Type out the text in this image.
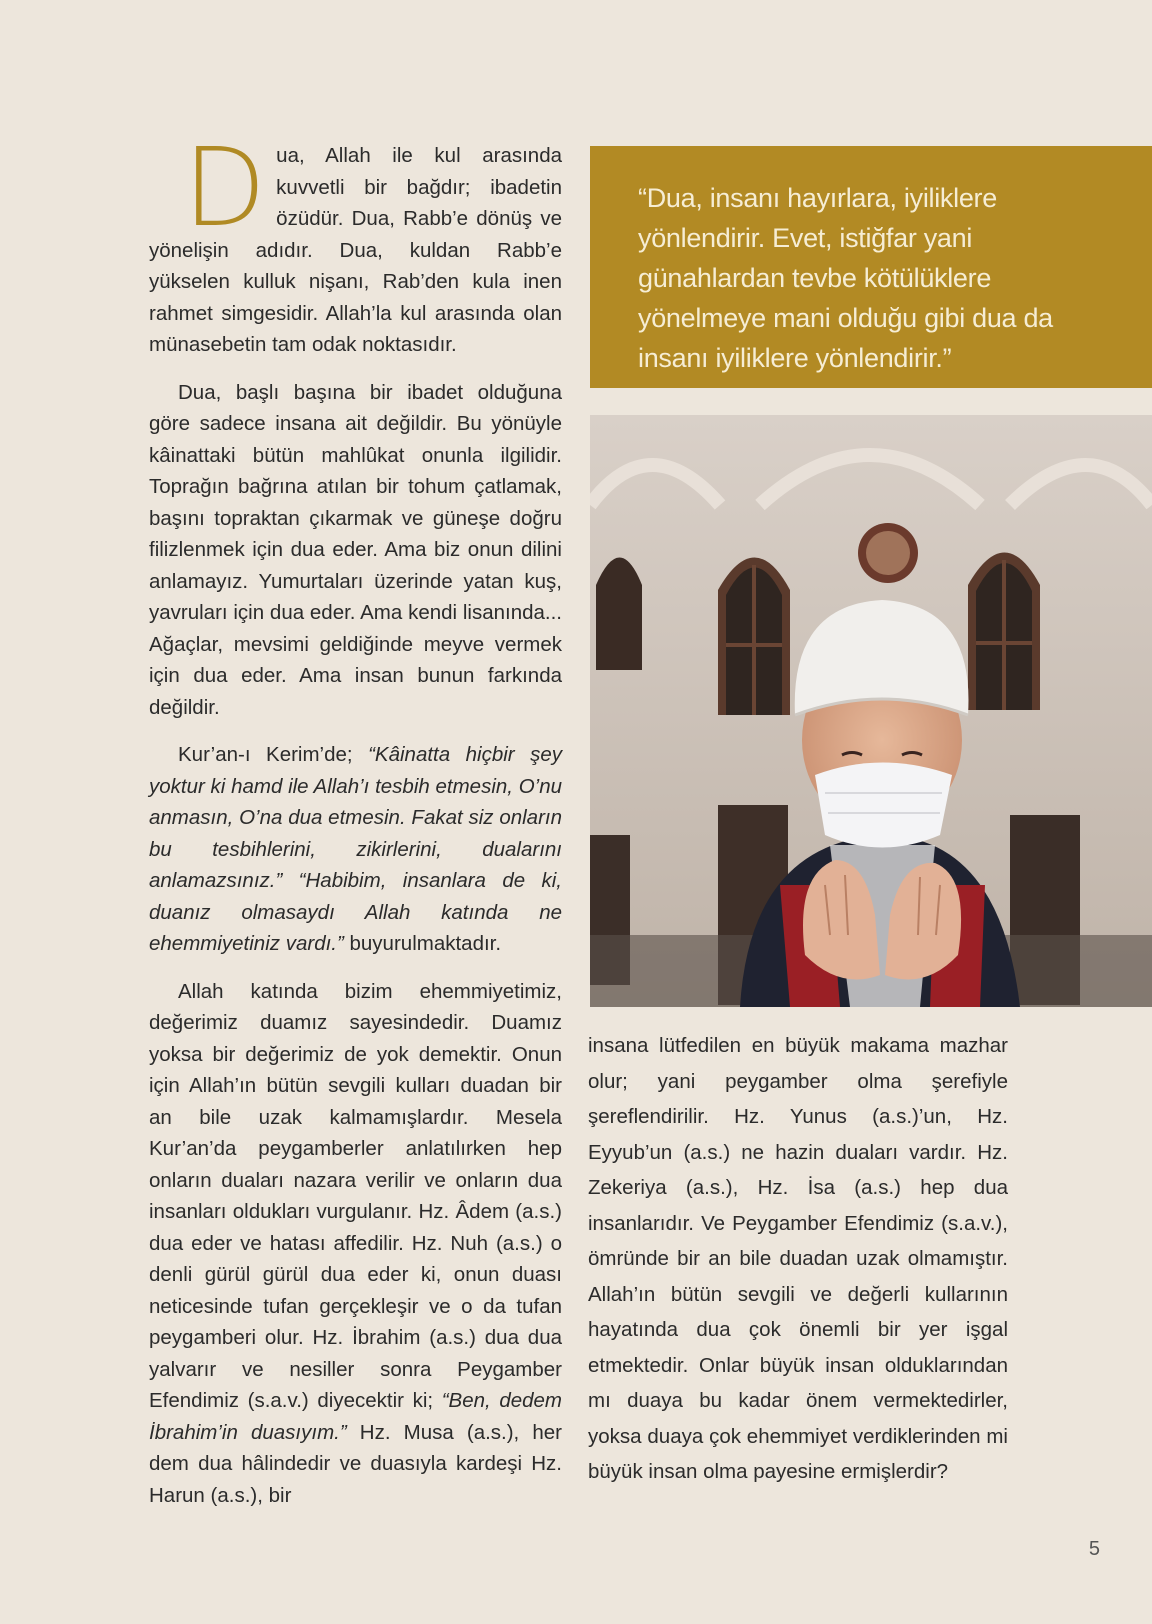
Dua, Allah ile kul arasında kuvvetli bir bağdır; ibadetin özüdür. Dua, Rabb’e dönüş ve yönelişin adıdır. Dua, kuldan Rabb’e yükselen kulluk nişanı, Rab’den kula inen rahmet simgesidir. Allah’la kul arasında olan münasebetin tam odak noktasıdır.

Dua, başlı başına bir ibadet olduğuna göre sadece insana ait değildir. Bu yönüyle kâinattaki bütün mahlûkat onunla ilgilidir. Toprağın bağrına atılan bir tohum çatlamak, başını topraktan çıkarmak ve güneşe doğru filizlenmek için dua eder. Ama biz onun dilini anlamayız. Yumurtaları üzerinde yatan kuş, yavruları için dua eder. Ama kendi lisanında... Ağaçlar, mevsimi geldiğinde meyve vermek için dua eder. Ama insan bunun farkında değildir.

Kur’an-ı Kerim’de; “Kâinatta hiçbir şey yoktur ki hamd ile Allah’ı tesbih etmesin, O’nu anmasın, O’na dua etmesin. Fakat siz onların bu tesbihlerini, zikirlerini, dualarını anlamazsınız.” “Habibim, insanlara de ki, duanız olmasaydı Allah katında ne ehemmiyetiniz vardı.” buyurulmaktadır.

Allah katında bizim ehemmiyetimiz, değerimiz duamız sayesindedir. Duamız yoksa bir değerimiz de yok demektir. Onun için Allah’ın bütün sevgili kulları duadan bir an bile uzak kalmamışlardır. Mesela Kur’an’da peygamberler anlatılırken hep onların duaları nazara verilir ve onların dua insanları oldukları vurgulanır. Hz. Âdem (a.s.) dua eder ve hatası affedilir. Hz. Nuh (a.s.) o denli gürül gürül dua eder ki, onun duası neticesinde tufan gerçekleşir ve o da tufan peygamberi olur. Hz. İbrahim (a.s.) dua dua yalvarır ve nesiller sonra Peygamber Efendimiz (s.a.v.) diyecektir ki; “Ben, dedem İbrahim’in duasıyım.” Hz. Musa (a.s.), her dem dua hâlindedir ve duasıyla kardeşi Hz. Harun (a.s.), bir

“Dua, insanı hayırlara, iyiliklere yönlendirir. Evet, istiğfar yani günahlardan tevbe kötülüklere yönelmeye mani olduğu gibi dua da insanı iyiliklere yönlendirir.”

insana lütfedilen en büyük makama mazhar olur; yani peygamber olma şerefiyle şereflendirilir. Hz. Yunus (a.s.)’un, Hz. Eyyub’un (a.s.) ne hazin duaları vardır. Hz. Zekeriya (a.s.), Hz. İsa (a.s.) hep dua insanlarıdır. Ve Peygamber Efendimiz (s.a.v.), ömründe bir an bile duadan uzak olmamıştır. Allah’ın bütün sevgili ve değerli kullarının hayatında dua çok önemli bir yer işgal etmektedir. Onlar büyük insan olduklarından mı duaya bu kadar önem vermektedirler, yoksa duaya çok ehemmiyet verdiklerinden mi büyük insan olma payesine ermişlerdir?

5
